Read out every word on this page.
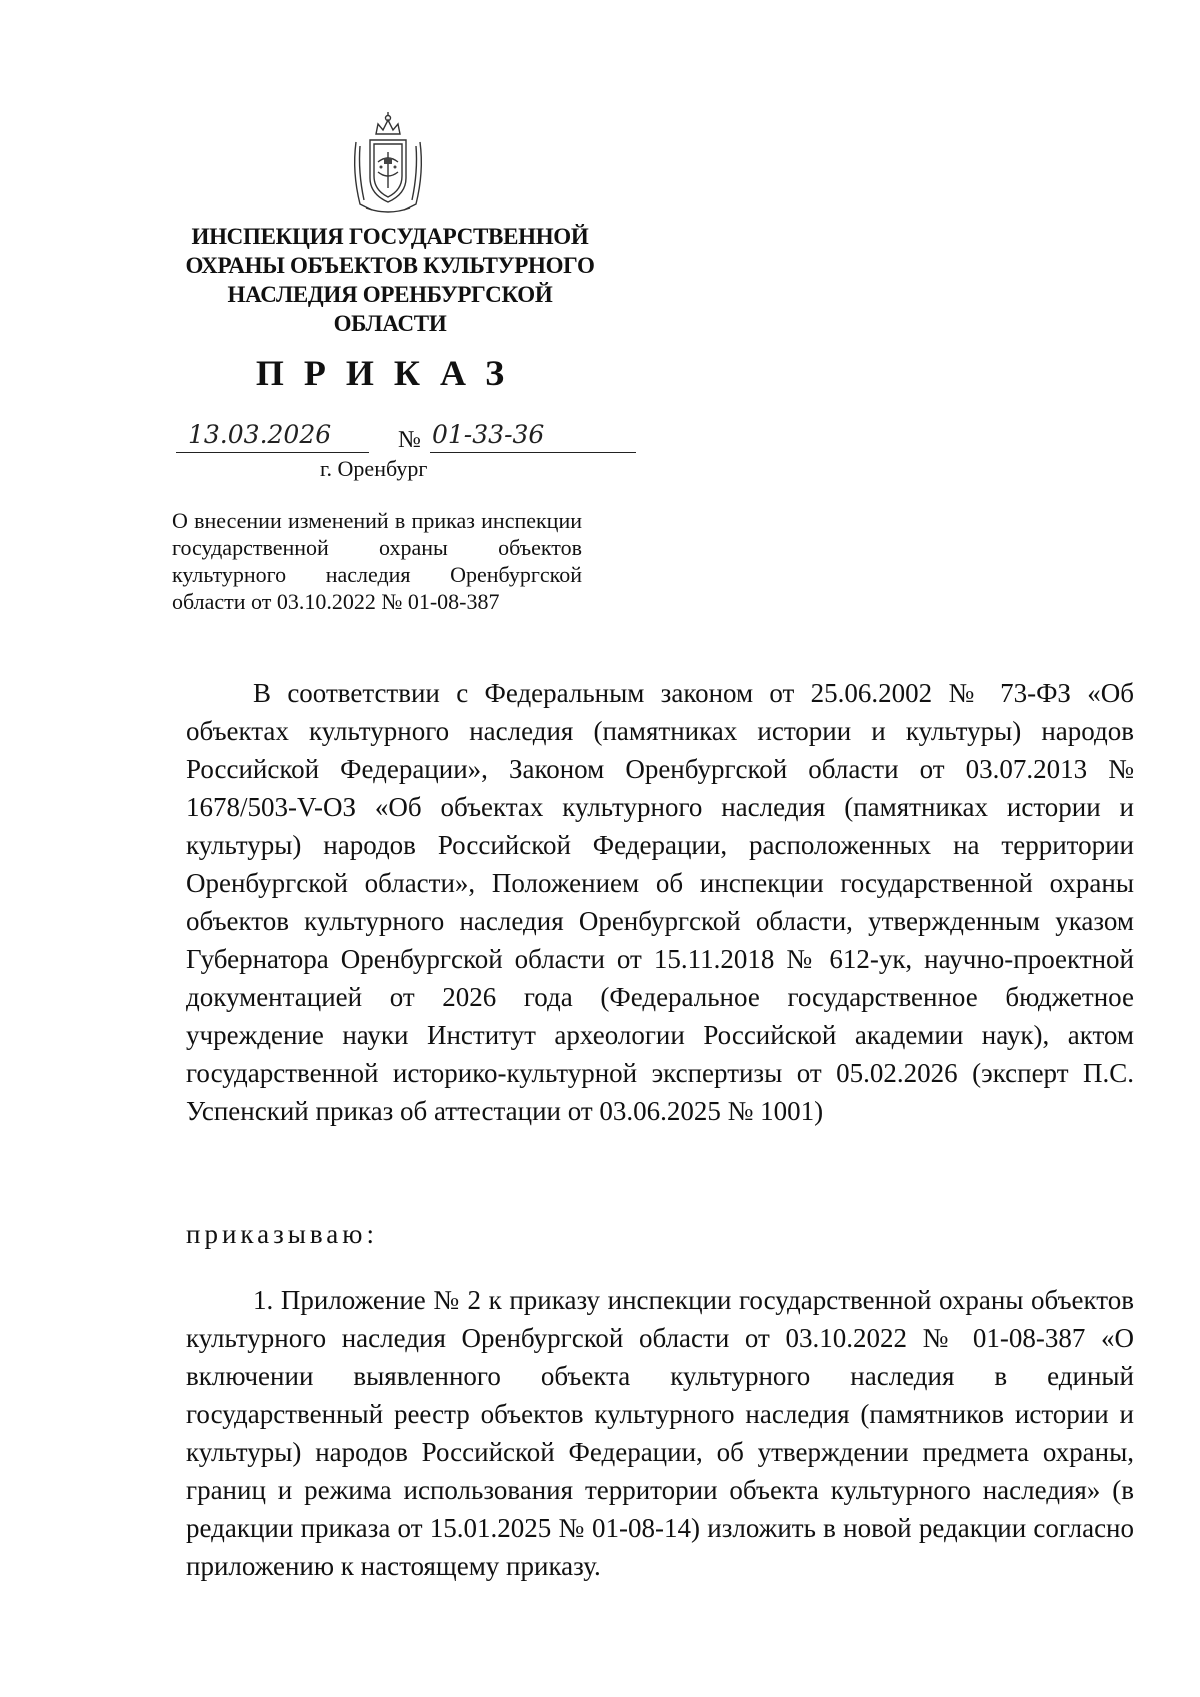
ИНСПЕКЦИЯ ГОСУДАРСТВЕННОЙ
ОХРАНЫ ОБЪЕКТОВ КУЛЬТУРНОГО
НАСЛЕДИЯ ОРЕНБУРГСКОЙ
ОБЛАСТИ
ПРИКАЗ
13.03.2026	№ 01-33-36
г. Оренбург
О внесении изменений в приказ инспекции государственной охраны объектов культурного наследия Оренбургской области от 03.10.2022 № 01-08-387

В соответствии с Федеральным законом от 25.06.2002 № 73-ФЗ «Об объектах культурного наследия (памятниках истории и культуры) народов Российской Федерации», Законом Оренбургской области от 03.07.2013 № 1678/503-V-ОЗ «Об объектах культурного наследия (памятниках истории и культуры) народов Российской Федерации, расположенных на территории Оренбургской области», Положением об инспекции государственной охраны объектов культурного наследия Оренбургской области, утвержденным указом Губернатора Оренбургской области от 15.11.2018 № 612-ук, научно-проектной документацией от 2026 года (Федеральное государственное бюджетное учреждение науки Институт археологии Российской академии наук), актом государственной историко-культурной экспертизы от 05.02.2026 (эксперт П.С. Успенский приказ об аттестации от 03.06.2025 № 1001)

приказываю:

1. Приложение № 2 к приказу инспекции государственной охраны объектов культурного наследия Оренбургской области от 03.10.2022 № 01-08-387 «О включении выявленного объекта культурного наследия в единый государственный реестр объектов культурного наследия (памятников истории и культуры) народов Российской Федерации, об утверждении предмета охраны, границ и режима использования территории объекта культурного наследия» (в редакции приказа от 15.01.2025 № 01-08-14) изложить в новой редакции согласно приложению к настоящему приказу.
